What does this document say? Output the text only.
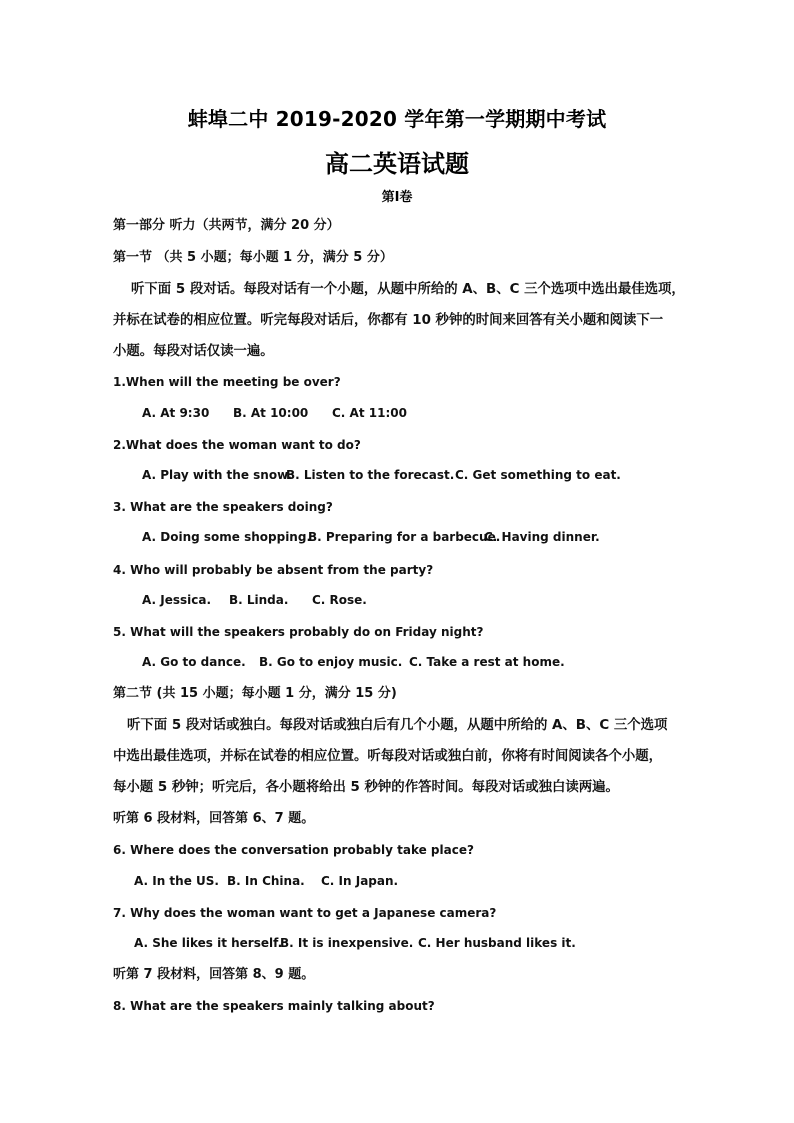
蚌埠二中 2019-2020 学年第一学期期中考试
高二英语试题
第Ⅰ卷
第一部分 听力（共两节，满分 20 分）
第一节 （共 5 小题；每小题 1 分，满分 5 分）
听下面 5 段对话。每段对话有一个小题，从题中所给的 A、B、C 三个选项中选出最佳选项，
并标在试卷的相应位置。听完每段对话后，你都有 10 秒钟的时间来回答有关小题和阅读下一
小题。每段对话仅读一遍。
1.When will the meeting be over?
A. At 9:30 B. At 10:00 C. At 11:00
2.What does the woman want to do?
A. Play with the snow.
B. Listen to the forecast. C. Get something to eat.
3. What are the speakers doing?
A. Doing some shopping.
B. Preparing for a barbecue.
C. Having dinner.
4. Who will probably be absent from the party?
A. Jessica. B. Linda. C. Rose.
5. What will the speakers probably do on Friday night?
A. Go to dance. B. Go to enjoy music. C. Take a rest at home.
第二节 (共 15 小题；每小题 1 分，满分 15 分)
听下面 5 段对话或独白。每段对话或独白后有几个小题，从题中所给的 A、B、C 三个选项
中选出最佳选项，并标在试卷的相应位置。听每段对话或独白前，你将有时间阅读各个小题，
每小题 5 秒钟；听完后，各小题将给出 5 秒钟的作答时间。每段对话或独白读两遍。
听第 6 段材料，回答第 6、7 题。
6. Where does the conversation probably take place?
A. In the US. B. In China. C. In Japan.
7. Why does the woman want to get a Japanese camera?
A. She likes it herself.
B. It is inexpensive. C. Her husband likes it.
听第 7 段材料，回答第 8、9 题。
8. What are the speakers mainly talking about?
